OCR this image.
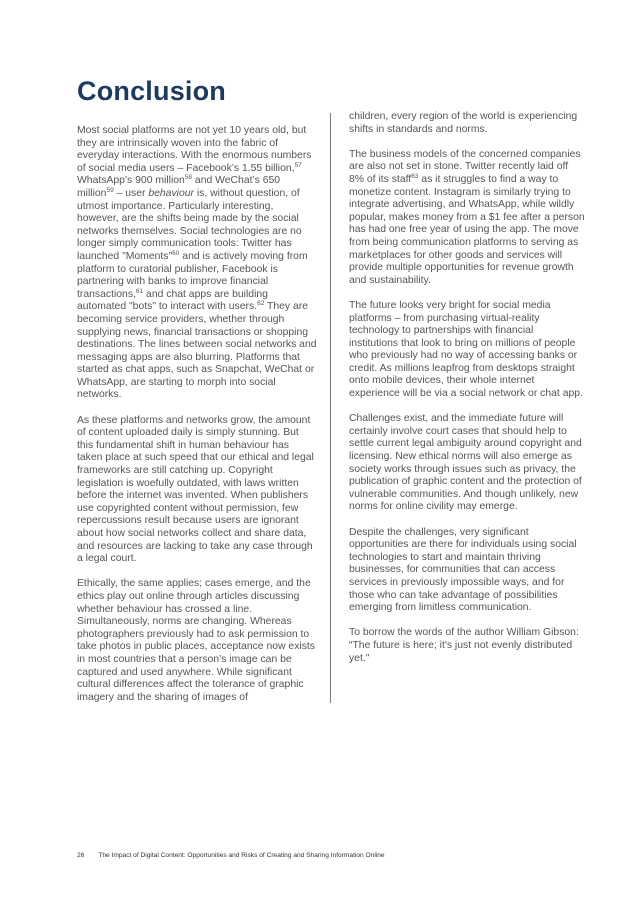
Conclusion

Most social platforms are not yet 10 years old, but they are intrinsically woven into the fabric of everyday interactions. With the enormous numbers of social media users – Facebook’s 1.55 billion,$^{57}$ WhatsApp’s 900 million$^{58}$ and WeChat’s 650 million$^{59}$ – user behaviour is, without question, of utmost importance. Particularly interesting, however, are the shifts being made by the social networks themselves. Social technologies are no longer simply communication tools: Twitter has launched "Moments"$^{60}$ and is actively moving from platform to curatorial publisher, Facebook is partnering with banks to improve financial transactions,$^{61}$ and chat apps are building automated "bots" to interact with users.$^{62}$ They are becoming service providers, whether through supplying news, financial transactions or shopping destinations. The lines between social networks and messaging apps are also blurring. Platforms that started as chat apps, such as Snapchat, WeChat or WhatsApp, are starting to morph into social networks.

As these platforms and networks grow, the amount of content uploaded daily is simply stunning. But this fundamental shift in human behaviour has taken place at such speed that our ethical and legal frameworks are still catching up. Copyright legislation is woefully outdated, with laws written before the internet was invented. When publishers use copyrighted content without permission, few repercussions result because users are ignorant about how social networks collect and share data, and resources are lacking to take any case through a legal court.

Ethically, the same applies; cases emerge, and the ethics play out online through articles discussing whether behaviour has crossed a line. Simultaneously, norms are changing. Whereas photographers previously had to ask permission to take photos in public places, acceptance now exists in most countries that a person’s image can be captured and used anywhere. While significant cultural differences affect the tolerance of graphic imagery and the sharing of images of

children, every region of the world is experiencing shifts in standards and norms.

The business models of the concerned companies are also not set in stone. Twitter recently laid off 8% of its staff$^{63}$ as it struggles to find a way to monetize content. Instagram is similarly trying to integrate advertising, and WhatsApp, while wildly popular, makes money from a $1 fee after a person has had one free year of using the app. The move from being communication platforms to serving as marketplaces for other goods and services will provide multiple opportunities for revenue growth and sustainability.

The future looks very bright for social media platforms – from purchasing virtual-reality technology to partnerships with financial institutions that look to bring on millions of people who previously had no way of accessing banks or credit. As millions leapfrog from desktops straight onto mobile devices, their whole internet experience will be via a social network or chat app.

Challenges exist, and the immediate future will certainly involve court cases that should help to settle current legal ambiguity around copyright and licensing. New ethical norms will also emerge as society works through issues such as privacy, the publication of graphic content and the protection of vulnerable communities. And though unlikely, new norms for online civility may emerge.

Despite the challenges, very significant opportunities are there for individuals using social technologies to start and maintain thriving businesses, for communities that can access services in previously impossible ways, and for those who can take advantage of possibilities emerging from limitless communication.

To borrow the words of the author William Gibson: “The future is here; it's just not evenly distributed yet."

26 The Impact of Digital Content: Opportunities and Risks of Creating and Sharing Information Online
